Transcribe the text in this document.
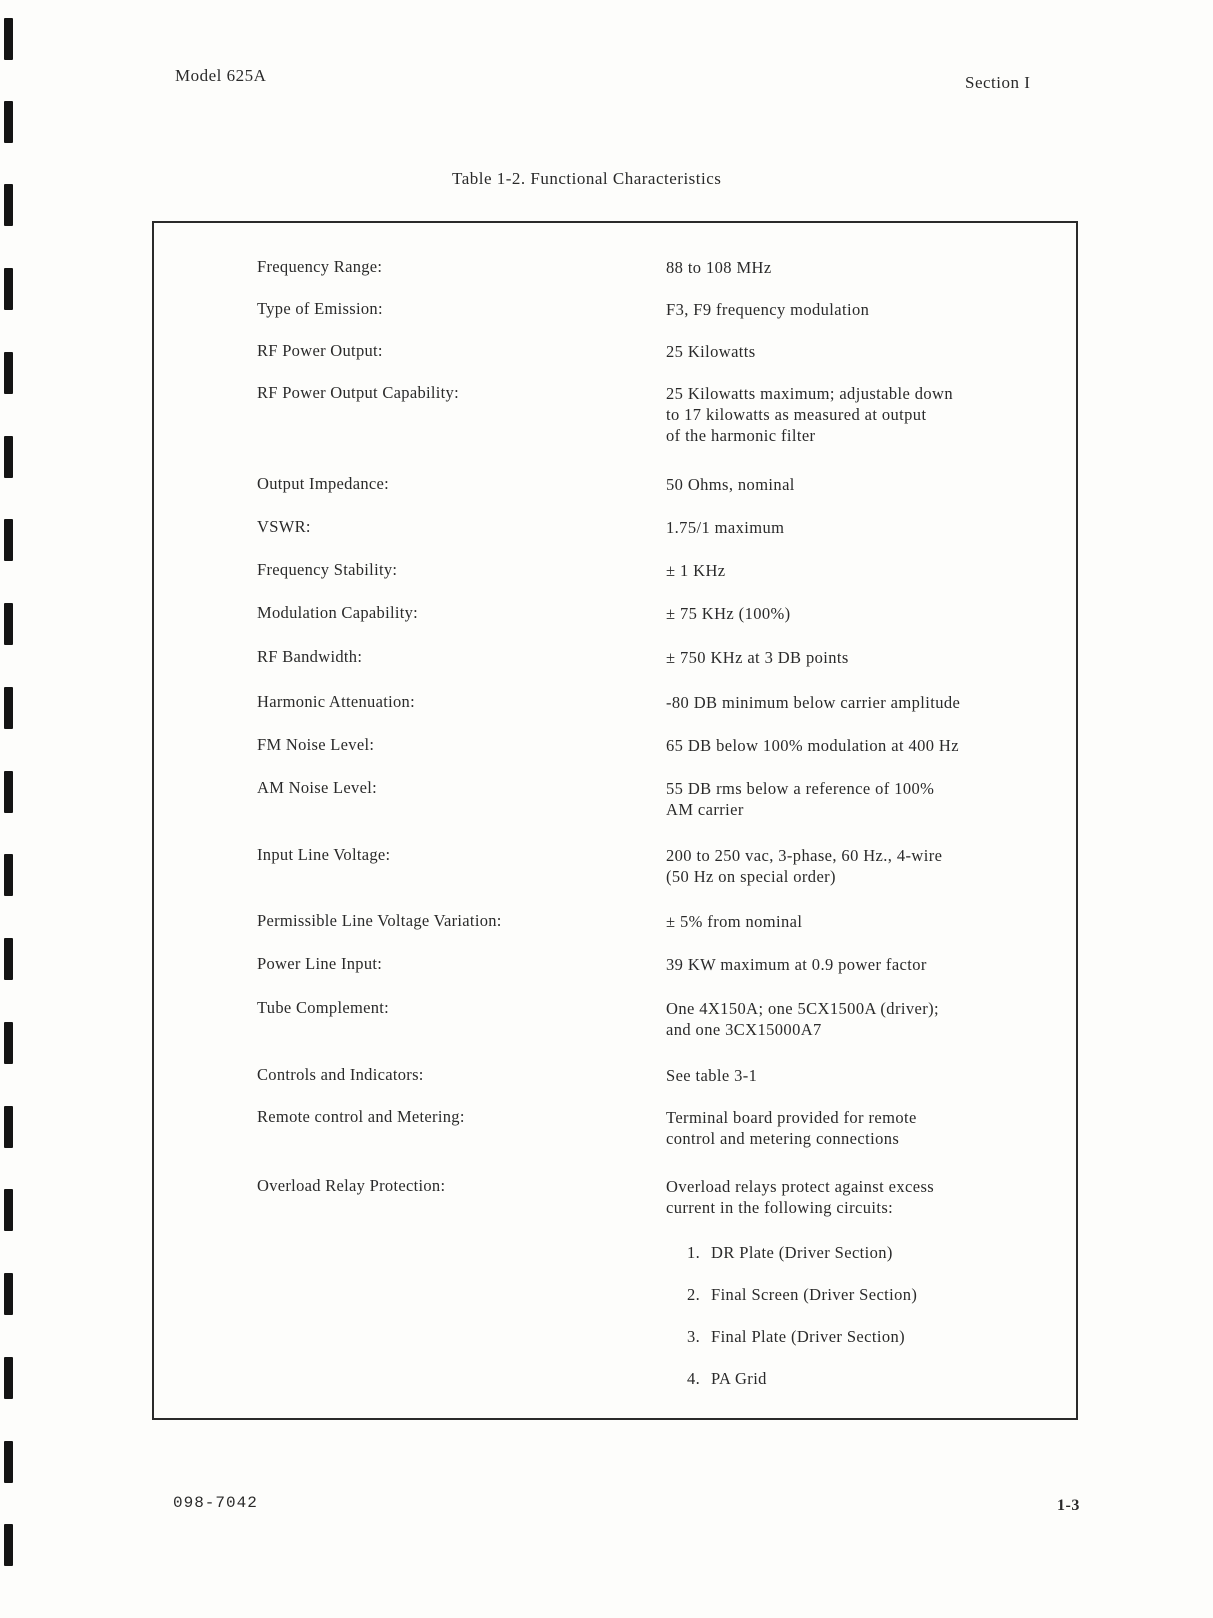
Model 625A	Section I
Table 1-2. Functional Characteristics
Frequency Range:	88 to 108 MHz
Type of Emission:	F3, F9 frequency modulation
RF Power Output:	25 Kilowatts
RF Power Output Capability:	25 Kilowatts maximum; adjustable down
to 17 kilowatts as measured at output
of the harmonic filter
Output Impedance:	50 Ohms, nominal
VSWR:	1.75/1 maximum
Frequency Stability:	± 1 KHz
Modulation Capability:	± 75 KHz (100%)
RF Bandwidth:	± 750 KHz at 3 DB points
Harmonic Attenuation:	-80 DB minimum below carrier amplitude
FM Noise Level:	65 DB below 100% modulation at 400 Hz
AM Noise Level:	55 DB rms below a reference of 100%
AM carrier
Input Line Voltage:	200 to 250 vac, 3-phase, 60 Hz., 4-wire
(50 Hz on special order)
Permissible Line Voltage Variation:	± 5% from nominal
Power Line Input:	39 KW maximum at 0.9 power factor
Tube Complement:	One 4X150A; one 5CX1500A (driver);
and one 3CX15000A7
Controls and Indicators:	See table 3-1
Remote control and Metering:	Terminal board provided for remote
control and metering connections
Overload Relay Protection:	Overload relays protect against excess
current in the following circuits:
1. DR Plate (Driver Section)
2. Final Screen (Driver Section)
3. Final Plate (Driver Section)
4. PA Grid
098-7042	1-3
